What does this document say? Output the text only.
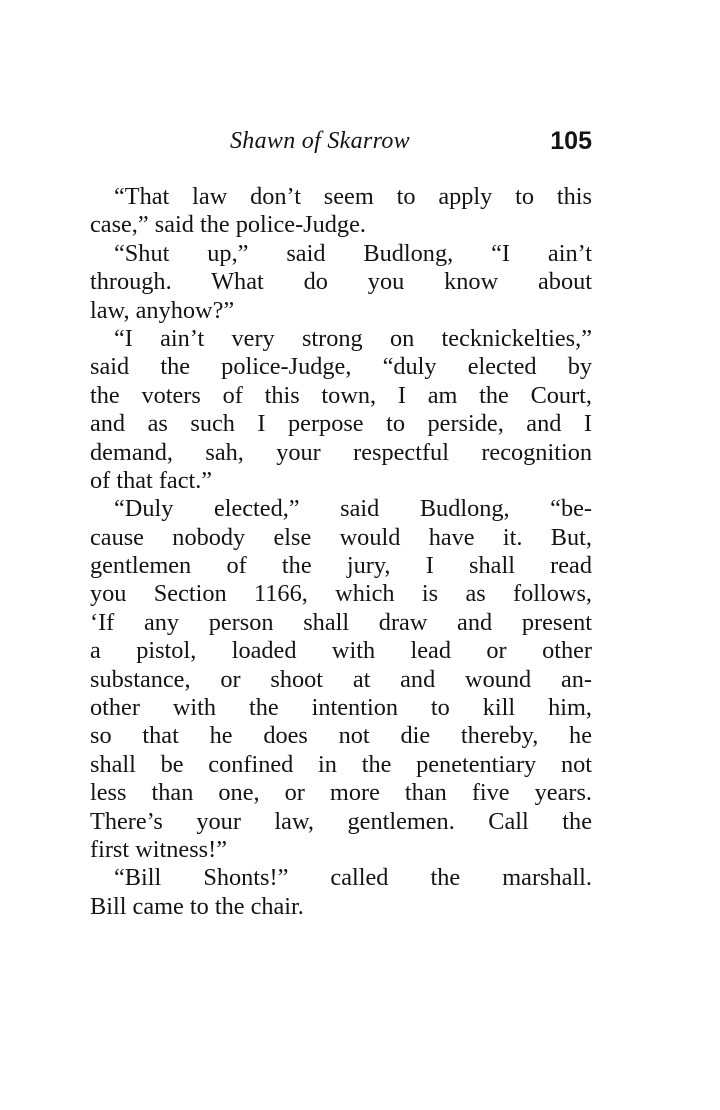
Shawn of Skarrow	105
“That law don’t seem to apply to this
case,” said the police-Judge.
“Shut up,” said Budlong, “I ain’t
through. What do you know about
law, anyhow?”
“I ain’t very strong on tecknickelties,”
said the police-Judge, “duly elected by
the voters of this town, I am the Court,
and as such I perpose to perside, and I
demand, sah, your respectful recognition
of that fact.”
“Duly elected,” said Budlong, “be-
cause nobody else would have it. But,
gentlemen of the jury, I shall read
you Section 1166, which is as follows,
‘If any person shall draw and present
a pistol, loaded with lead or other
substance, or shoot at and wound an-
other with the intention to kill him,
so that he does not die thereby, he
shall be confined in the penetentiary not
less than one, or more than five years.
There’s your law, gentlemen. Call the
first witness!”
“Bill Shonts!” called the marshall.
Bill came to the chair.
